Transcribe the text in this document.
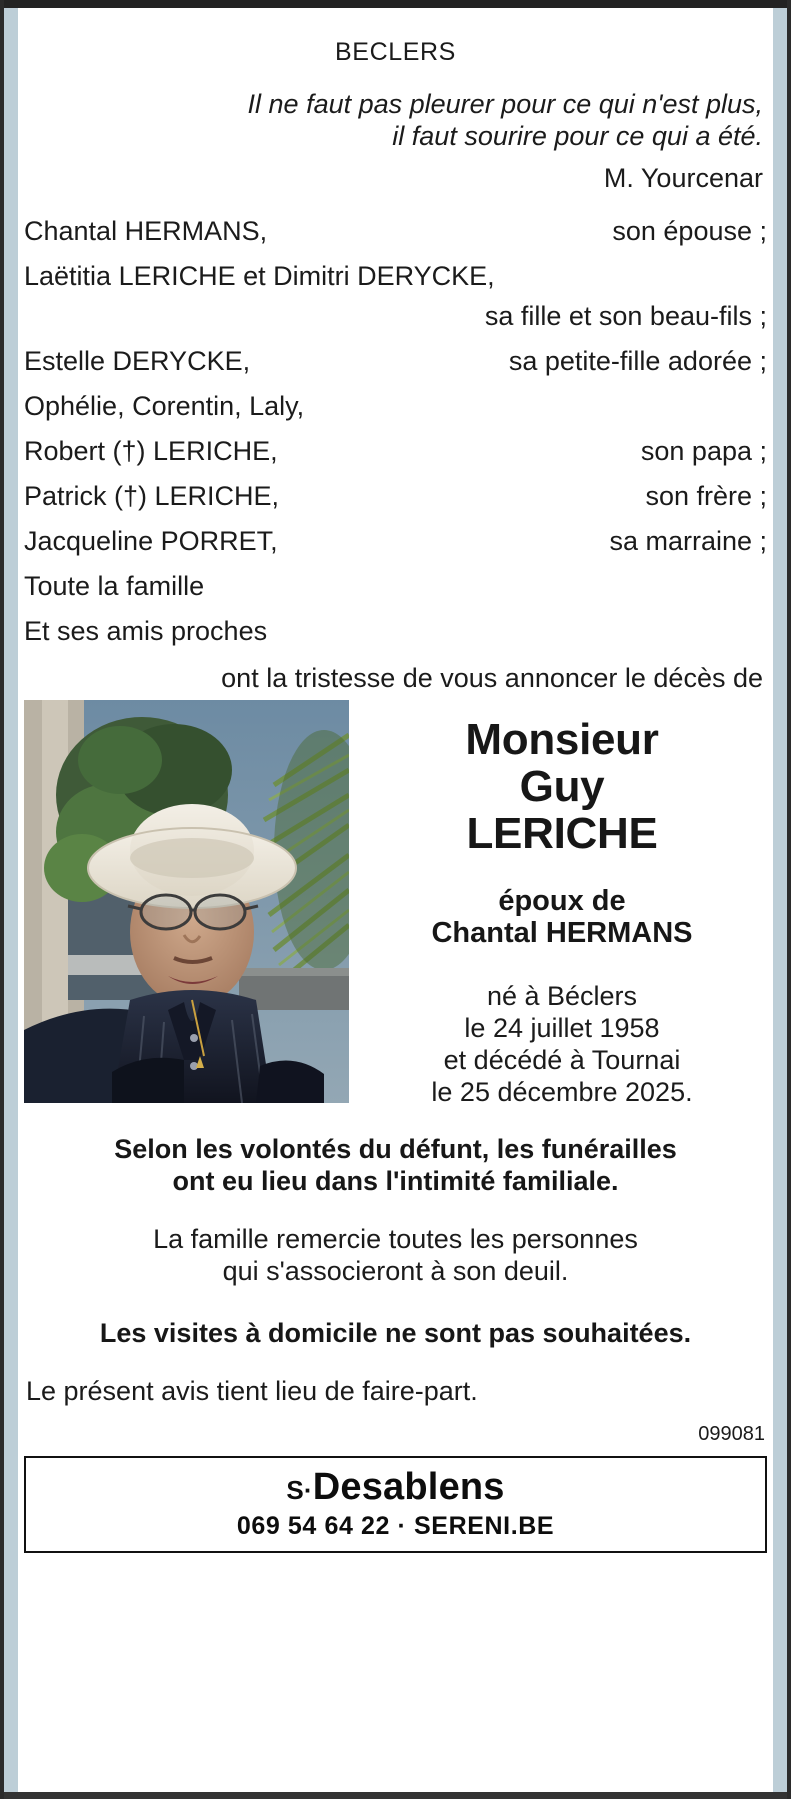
BECLERS
Il ne faut pas pleurer pour ce qui n'est plus,
il faut sourire pour ce qui a été.
M. Yourcenar
Chantal HERMANS,	son épouse ;
Laëtitia LERICHE et Dimitri DERYCKE,
sa fille et son beau-fils ;
Estelle DERYCKE,	sa petite-fille adorée ;
Ophélie, Corentin, Laly,
Robert (†) LERICHE,	son papa ;
Patrick (†) LERICHE,	son frère ;
Jacqueline PORRET,	sa marraine ;
Toute la famille
Et ses amis proches
ont la tristesse de vous annoncer le décès de
Monsieur
Guy
LERICHE
époux de
Chantal HERMANS
né à Béclers
le 24 juillet 1958
et décédé à Tournai
le 25 décembre 2025.
Selon les volontés du défunt, les funérailles
ont eu lieu dans l'intimité familiale.
La famille remercie toutes les personnes
qui s'associeront à son deuil.
Les visites à domicile ne sont pas souhaitées.
Le présent avis tient lieu de faire-part.
099081
S·Desablens
069 54 64 22 · SERENI.BE
